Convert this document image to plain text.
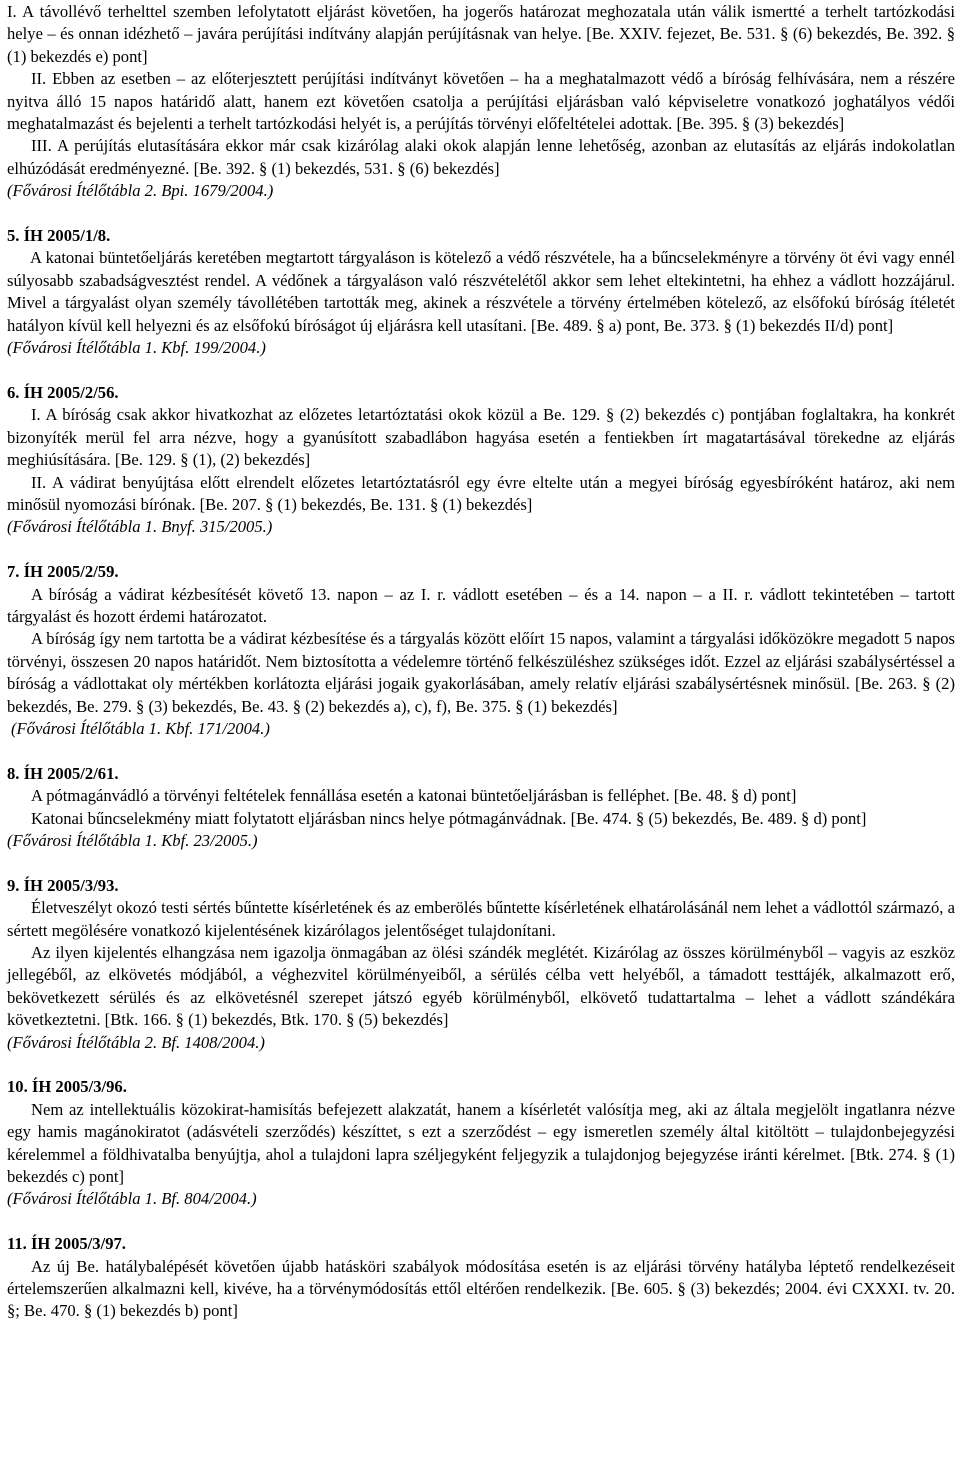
I. A távollévő terhelttel szemben lefolytatott eljárást követően, ha jogerős határozat meghozatala után válik ismertté a terhelt tartózkodási helye – és onnan idézhető – javára perújítási indítvány alapján perújításnak van helye. [Be. XXIV. fejezet, Be. 531. § (6) bekezdés, Be. 392. § (1) bekezdés e) pont]

II. Ebben az esetben – az előterjesztett perújítási indítványt követően – ha a meghatalmazott védő a bíróság felhívására, nem a részére nyitva álló 15 napos határidő alatt, hanem ezt követően csatolja a perújítási eljárásban való képviseletre vonatkozó joghatályos védői meghatalmazást és bejelenti a terhelt tartózkodási helyét is, a perújítás törvényi előfeltételei adottak. [Be. 395. § (3) bekezdés]

III. A perújítás elutasítására ekkor már csak kizárólag alaki okok alapján lenne lehetőség, azonban az elutasítás az eljárás indokolatlan elhúzódását eredményezné. [Be. 392. § (1) bekezdés, 531. § (6) bekezdés]

(Fővárosi Ítélőtábla 2. Bpi. 1679/2004.)

5. ÍH 2005/1/8.

A katonai büntetőeljárás keretében megtartott tárgyaláson is kötelező a védő részvétele, ha a bűncselekményre a törvény öt évi vagy ennél súlyosabb szabadságvesztést rendel. A védőnek a tárgyaláson való részvételétől akkor sem lehet eltekintetni, ha ehhez a vádlott hozzájárul. Mivel a tárgyalást olyan személy távollétében tartották meg, akinek a részvétele a törvény értelmében kötelező, az elsőfokú bíróság ítéletét hatályon kívül kell helyezni és az elsőfokú bíróságot új eljárásra kell utasítani. [Be. 489. § a) pont, Be. 373. § (1) bekezdés II/d) pont]

(Fővárosi Ítélőtábla 1. Kbf. 199/2004.)

6. ÍH 2005/2/56.

I. A bíróság csak akkor hivatkozhat az előzetes letartóztatási okok közül a Be. 129. § (2) bekezdés c) pontjában foglaltakra, ha konkrét bizonyíték merül fel arra nézve, hogy a gyanúsított szabadlábon hagyása esetén a fentiekben írt magatartásával törekedne az eljárás meghiúsítására. [Be. 129. § (1), (2) bekezdés]

II. A vádirat benyújtása előtt elrendelt előzetes letartóztatásról egy évre eltelte után a megyei bíróság egyesbíróként határoz, aki nem minősül nyomozási bírónak. [Be. 207. § (1) bekezdés, Be. 131. § (1) bekezdés]

(Fővárosi Ítélőtábla 1. Bnyf. 315/2005.)

7. ÍH 2005/2/59.

A bíróság a vádirat kézbesítését követő 13. napon – az I. r. vádlott esetében – és a 14. napon – a II. r. vádlott tekintetében – tartott tárgyalást és hozott érdemi határozatot.

A bíróság így nem tartotta be a vádirat kézbesítése és a tárgyalás között előírt 15 napos, valamint a tárgyalási időközökre megadott 5 napos törvényi, összesen 20 napos határidőt. Nem biztosította a védelemre történő felkészüléshez szükséges időt. Ezzel az eljárási szabálysértéssel a bíróság a vádlottakat oly mértékben korlátozta eljárási jogaik gyakorlásában, amely relatív eljárási szabálysértésnek minősül. [Be. 263. § (2) bekezdés, Be. 279. § (3) bekezdés, Be. 43. § (2) bekezdés a), c), f), Be. 375. § (1) bekezdés]

(Fővárosi Ítélőtábla 1. Kbf. 171/2004.)

8. ÍH 2005/2/61.

A pótmagánvádló a törvényi feltételek fennállása esetén a katonai büntetőeljárásban is felléphet. [Be. 48. § d) pont]

Katonai bűncselekmény miatt folytatott eljárásban nincs helye pótmagánvádnak. [Be. 474. § (5) bekezdés, Be. 489. § d) pont]

(Fővárosi Ítélőtábla 1. Kbf. 23/2005.)

9. ÍH 2005/3/93.

Életveszélyt okozó testi sértés bűntette kísérletének és az emberölés bűntette kísérletének elhatárolásánál nem lehet a vádlottól származó, a sértett megölésére vonatkozó kijelentésének kizárólagos jelentőséget tulajdonítani.

Az ilyen kijelentés elhangzása nem igazolja önmagában az ölési szándék meglétét. Kizárólag az összes körülményből – vagyis az eszköz jellegéből, az elkövetés módjából, a véghezvitel körülményeiből, a sérülés célba vett helyéből, a támadott testtájék, alkalmazott erő, bekövetkezett sérülés és az elkövetésnél szerepet játszó egyéb körülményből, elkövető tudattartalma – lehet a vádlott szándékára következtetni. [Btk. 166. § (1) bekezdés, Btk. 170. § (5) bekezdés]

(Fővárosi Ítélőtábla 2. Bf. 1408/2004.)

10. ÍH 2005/3/96.

Nem az intellektuális közokirat-hamisítás befejezett alakzatát, hanem a kísérletét valósítja meg, aki az általa megjelölt ingatlanra nézve egy hamis magánokiratot (adásvételi szerződés) készíttet, s ezt a szerződést – egy ismeretlen személy által kitöltött – tulajdonbejegyzési kérelemmel a földhivatalba benyújtja, ahol a tulajdoni lapra széljegyként feljegyzik a tulajdonjog bejegyzése iránti kérelmet. [Btk. 274. § (1) bekezdés c) pont]

(Fővárosi Ítélőtábla 1. Bf. 804/2004.)

11. ÍH 2005/3/97.

Az új Be. hatálybalépését követően újabb hatásköri szabályok módosítása esetén is az eljárási törvény hatályba léptető rendelkezéseit értelemszerűen alkalmazni kell, kivéve, ha a törvénymódosítás ettől eltérően rendelkezik. [Be. 605. § (3) bekezdés; 2004. évi CXXXI. tv. 20. §; Be. 470. § (1) bekezdés b) pont]
